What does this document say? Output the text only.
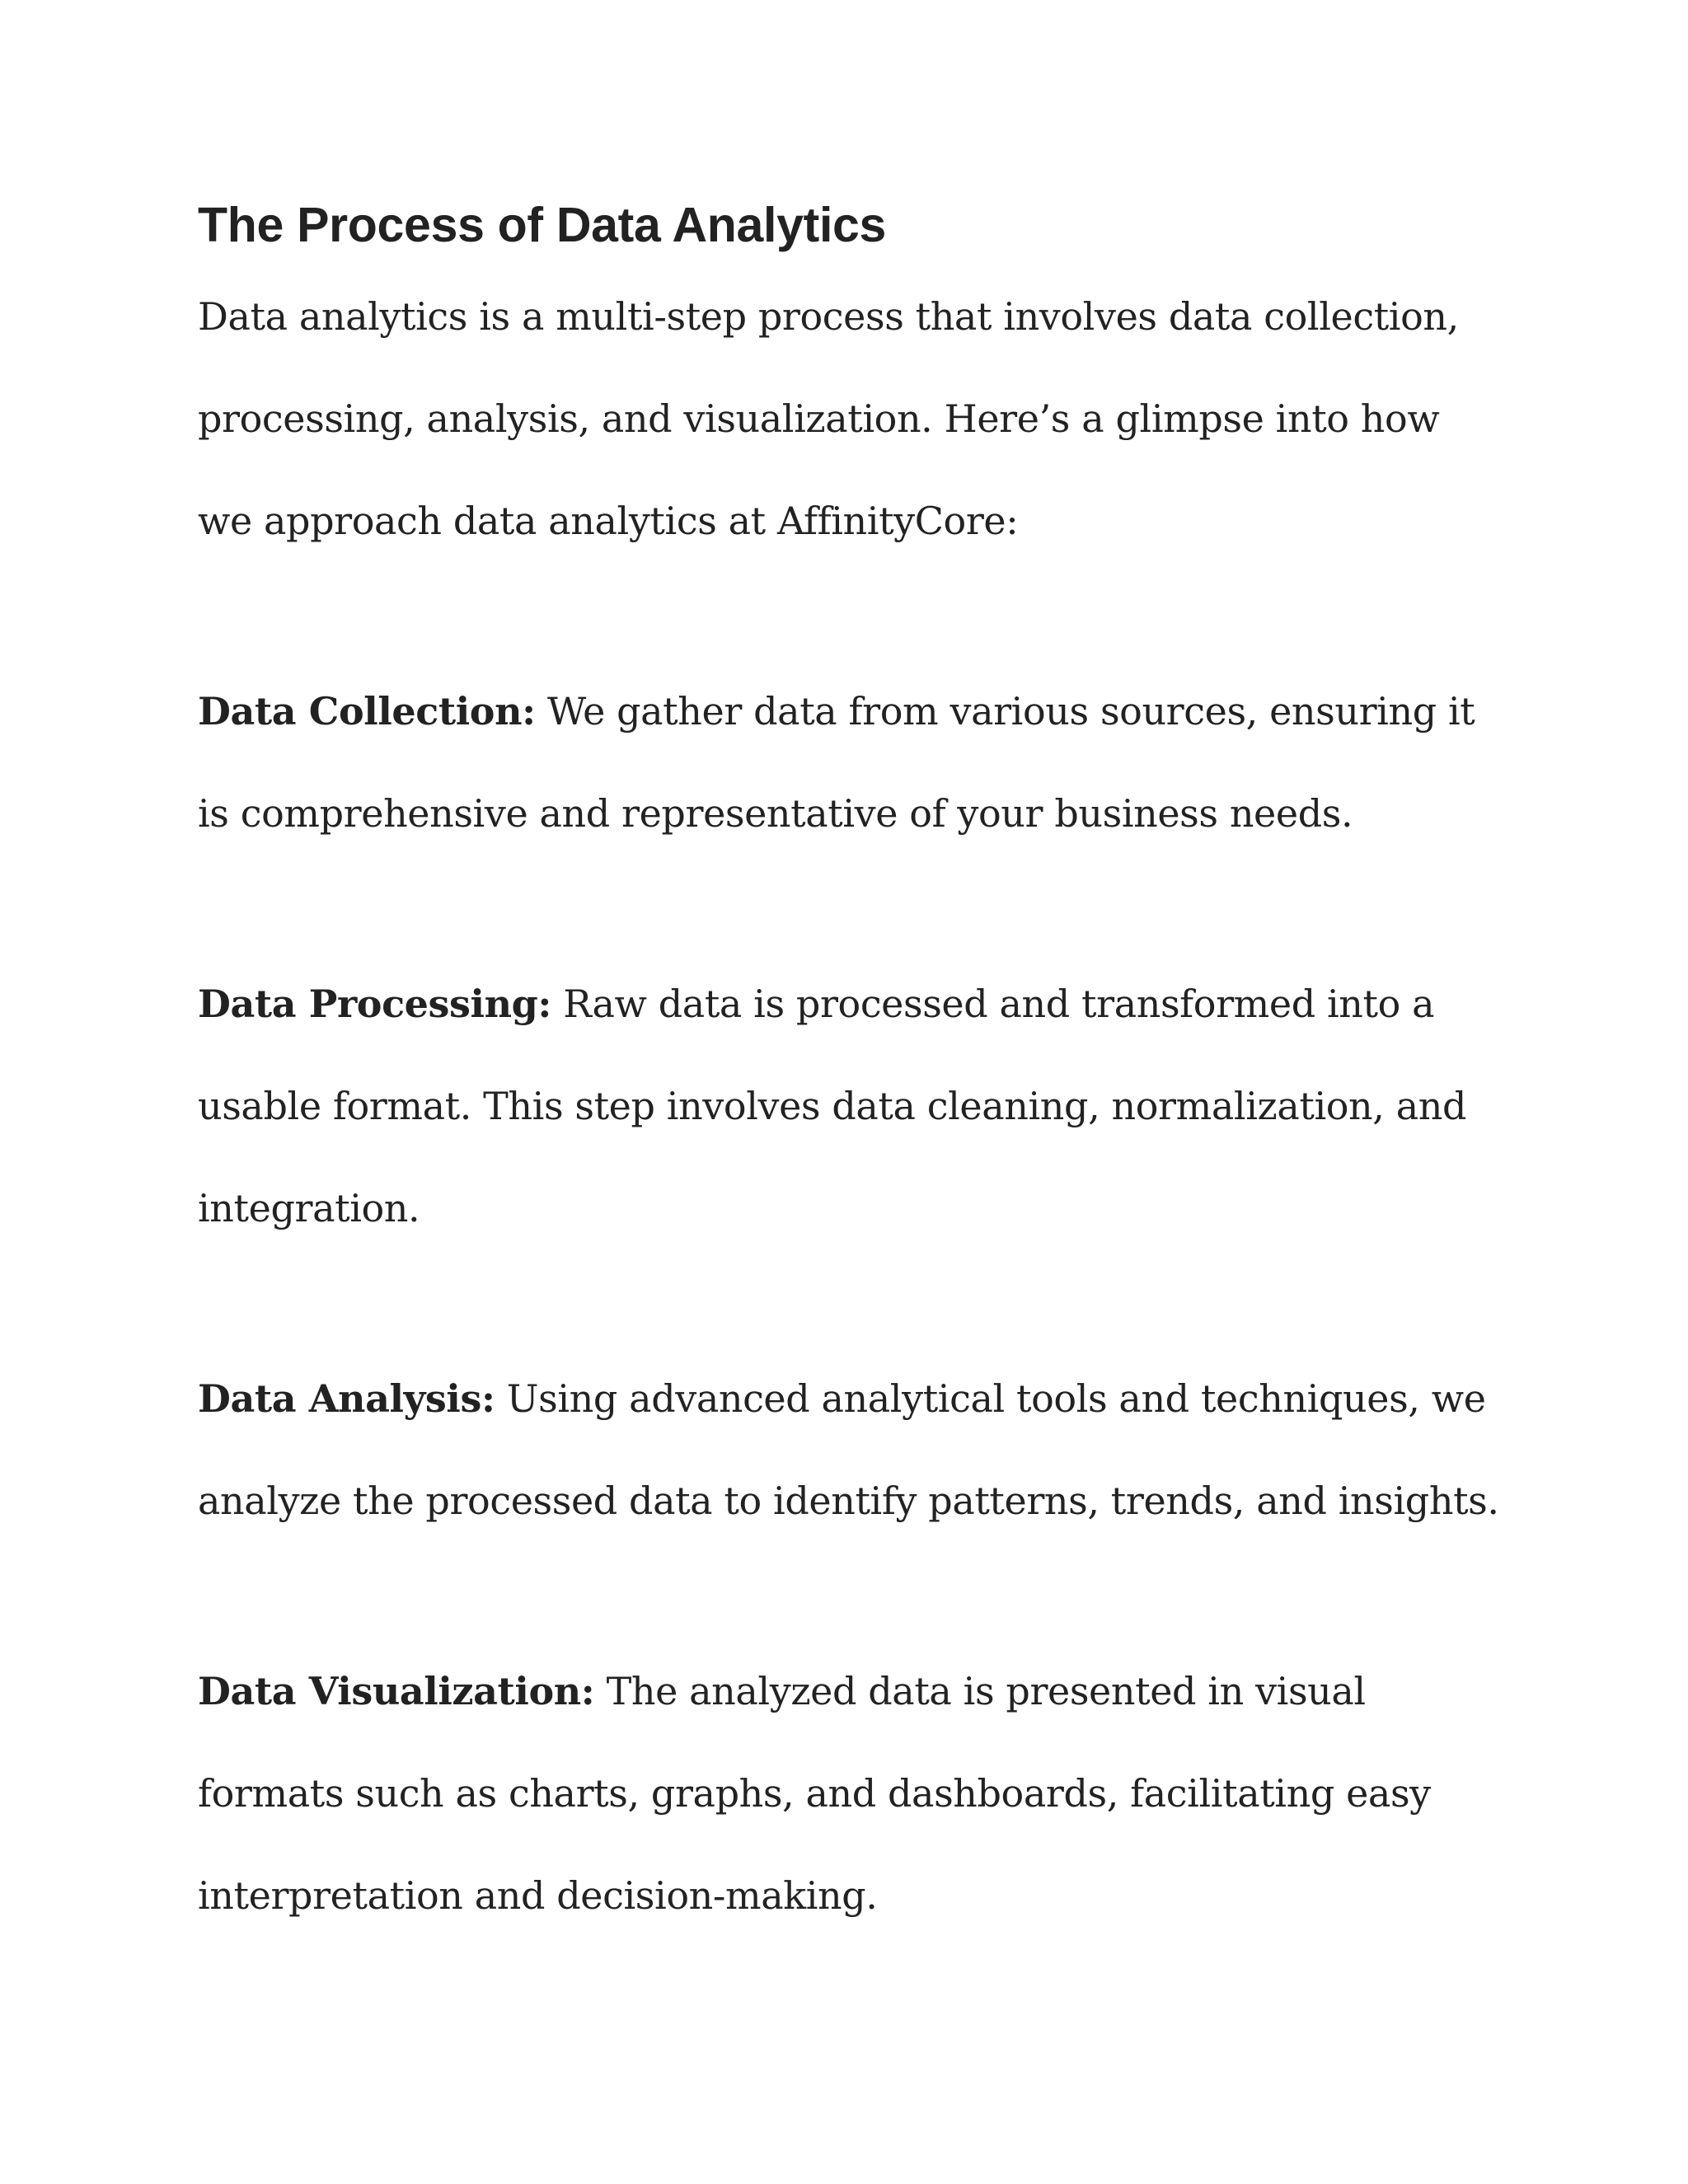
The Process of Data Analytics

Data analytics is a multi-step process that involves data collection, processing, analysis, and visualization. Here’s a glimpse into how we approach data analytics at AffinityCore:

Data Collection: We gather data from various sources, ensuring it is comprehensive and representative of your business needs.

Data Processing: Raw data is processed and transformed into a usable format. This step involves data cleaning, normalization, and integration.

Data Analysis: Using advanced analytical tools and techniques, we analyze the processed data to identify patterns, trends, and insights.

Data Visualization: The analyzed data is presented in visual formats such as charts, graphs, and dashboards, facilitating easy interpretation and decision-making.
